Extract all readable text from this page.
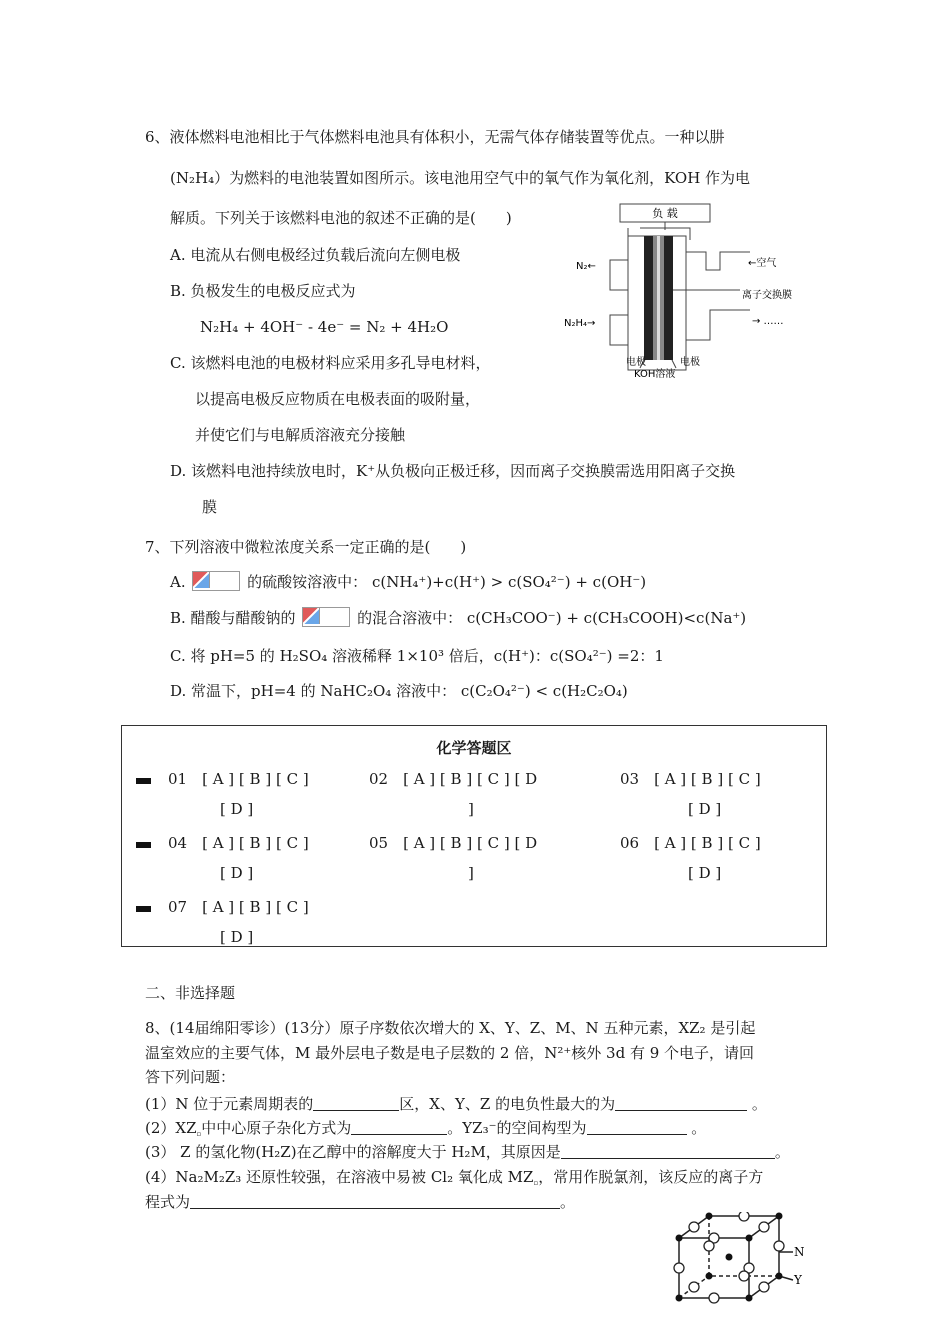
6、液体燃料电池相比于气体燃料电池具有体积小，无需气体存储装置等优点。一种以肼
(N₂H₄）为燃料的电池装置如图所示。该电池用空气中的氧气作为氧化剂，KOH 作为电
解质。下列关于该燃料电池的叙述不正确的是(　　)
A. 电流从右侧电极经过负载后流向左侧电极
B. 负极发生的电极反应式为
N₂H₄ + 4OH⁻ - 4e⁻ = N₂ + 4H₂O
C. 该燃料电池的电极材料应采用多孔导电材料，
以提高电极反应物质在电极表面的吸附量，
并使它们与电解质溶液充分接触
D. 该燃料电池持续放电时，K⁺从负极向正极迁移，因而离子交换膜需选用阳离子交换
膜
负 载
N₂←
N₂H₄→
←空气
离子交换膜
→ ……
电极	电极
KOH溶液
7、下列溶液中微粒浓度关系一定正确的是(　　)
A.	的硫酸铵溶液中： c(NH₄⁺)+c(H⁺) > c(SO₄²⁻) + c(OH⁻)
B. 醋酸与醋酸钠的	的混合溶液中： c(CH₃COO⁻) + c(CH₃COOH)<c(Na⁺)
C. 将 pH=5 的 H₂SO₄ 溶液稀释 1×10³ 倍后，c(H⁺)：c(SO₄²⁻) =2：1
D. 常温下，pH=4 的 NaHC₂O₄ 溶液中： c(C₂O₄²⁻) < c(H₂C₂O₄)
化学答题区
01　[ A ] [ B ] [ C ]
[ D ]
02　[ A ] [ B ] [ C ] [ D
]
03　[ A ] [ B ] [ C ]
[ D ]
04　[ A ] [ B ] [ C ]
[ D ]
05　[ A ] [ B ] [ C ] [ D
]
06　[ A ] [ B ] [ C ]
[ D ]
07　[ A ] [ B ] [ C ]
[ D ]
二、非选择题
8、(14届绵阳零诊）(13分）原子序数依次增大的 X、Y、Z、M、N 五种元素，XZ₂ 是引起
温室效应的主要气体，M 最外层电子数是电子层数的 2 倍，N²⁺核外 3d 有 9 个电子，请回
答下列问题：
(1）N 位于元素周期表的	区，X、Y、Z 的电负性最大的为	。
$(2)XZ_▫$中中心原子杂化方式为	。YZ₃⁻的空间构型为	。
(3） Z 的氢化物(H₂Z)在乙醇中的溶解度大于 H₂M，其原因是	。
(4）Na₂M₂Z₃ 还原性较强，在溶液中易被 Cl₂ 氧化成 $MZ_▫$，常用作脱氯剂，该反应的离子方
程式为	。
N
Y
